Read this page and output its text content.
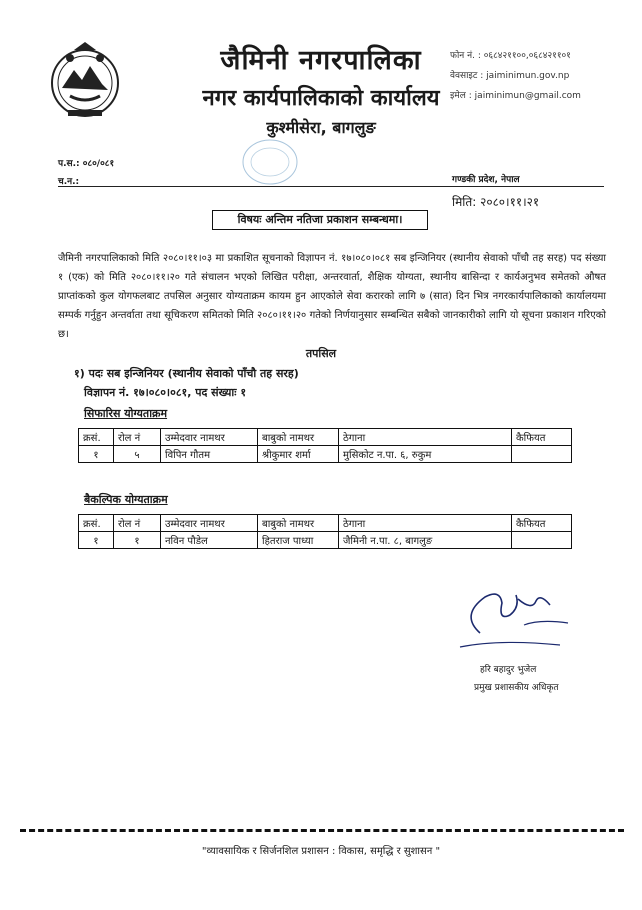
जैमिनी नगरपालिका
नगर कार्यपालिकाको कार्यालय
कुश्मीसेरा, बागलुङ
फोन नं. : ०६८४२११००,०६८४२११०१
वेवसाइट : jaiminimun.gov.np
इमेल : jaiminimun@gmail.com
प.स.: ०८०/०८१
च.न.:	गण्डकी प्रदेश, नेपाल
मिति: २०८०।११।२१
विषयः अन्तिम नतिजा प्रकाशन सम्बन्धमा।
जैमिनी नगरपालिकाको मिति २०८०।११।०३ मा प्रकाशित सूचनाको विज्ञापन नं. १७।०८०।०८१ सब इन्जिनियर (स्थानीय सेवाको पाँचौ तह सरह) पद संख्या १ (एक) को मिति २०८०।११।२० गते संचालन भएको लिखित परीक्षा, अन्तरवार्ता, शैक्षिक योग्यता, स्थानीय बासिन्दा र कार्यअनुभव समेतको औषत प्राप्तांकको कुल योगफलबाट तपसिल अनुसार योग्यताक्रम कायम हुन आएकोले सेवा करारको लागि ७ (सात) दिन भित्र नगरकार्यपालिकाको कार्यालयमा सम्पर्क गर्नुहुन अन्तर्वाता तथा सूचिकरण समितको मिति २०८०।११।२० गतेको निर्णयानुसार सम्बन्धित सबैको जानकारीको लागि यो सूचना प्रकाशन गरिएको छ।
तपसिल
१) पदः सब इन्जिनियर (स्थानीय सेवाको पाँचौ तह सरह)
विज्ञापन नं. १७।०८०।०८१, पद संख्याः १
सिफारिस योग्यताक्रम
क्रसं.	रोल नं	उम्मेदवार नामथर	बाबुको नामथर	ठेगाना	कैफियत
१	५	विपिन गौतम	श्रीकुमार शर्मा	मुसिकोट न.पा. ६, रुकुम	
बैकल्पिक योग्यताक्रम
क्रसं.	रोल नं	उम्मेदवार नामथर	बाबुको नामथर	ठेगाना	कैफियत
१	१	नविन पौडेल	हितराज पाध्या	जैमिनी न.पा. ८, बागलुङ	
हरि बहादुर भुजेल
प्रमुख प्रशासकीय अधिकृत
"व्यावसायिक र सिर्जनशिल प्रशासन : विकास, समृद्धि र सुशासन "
